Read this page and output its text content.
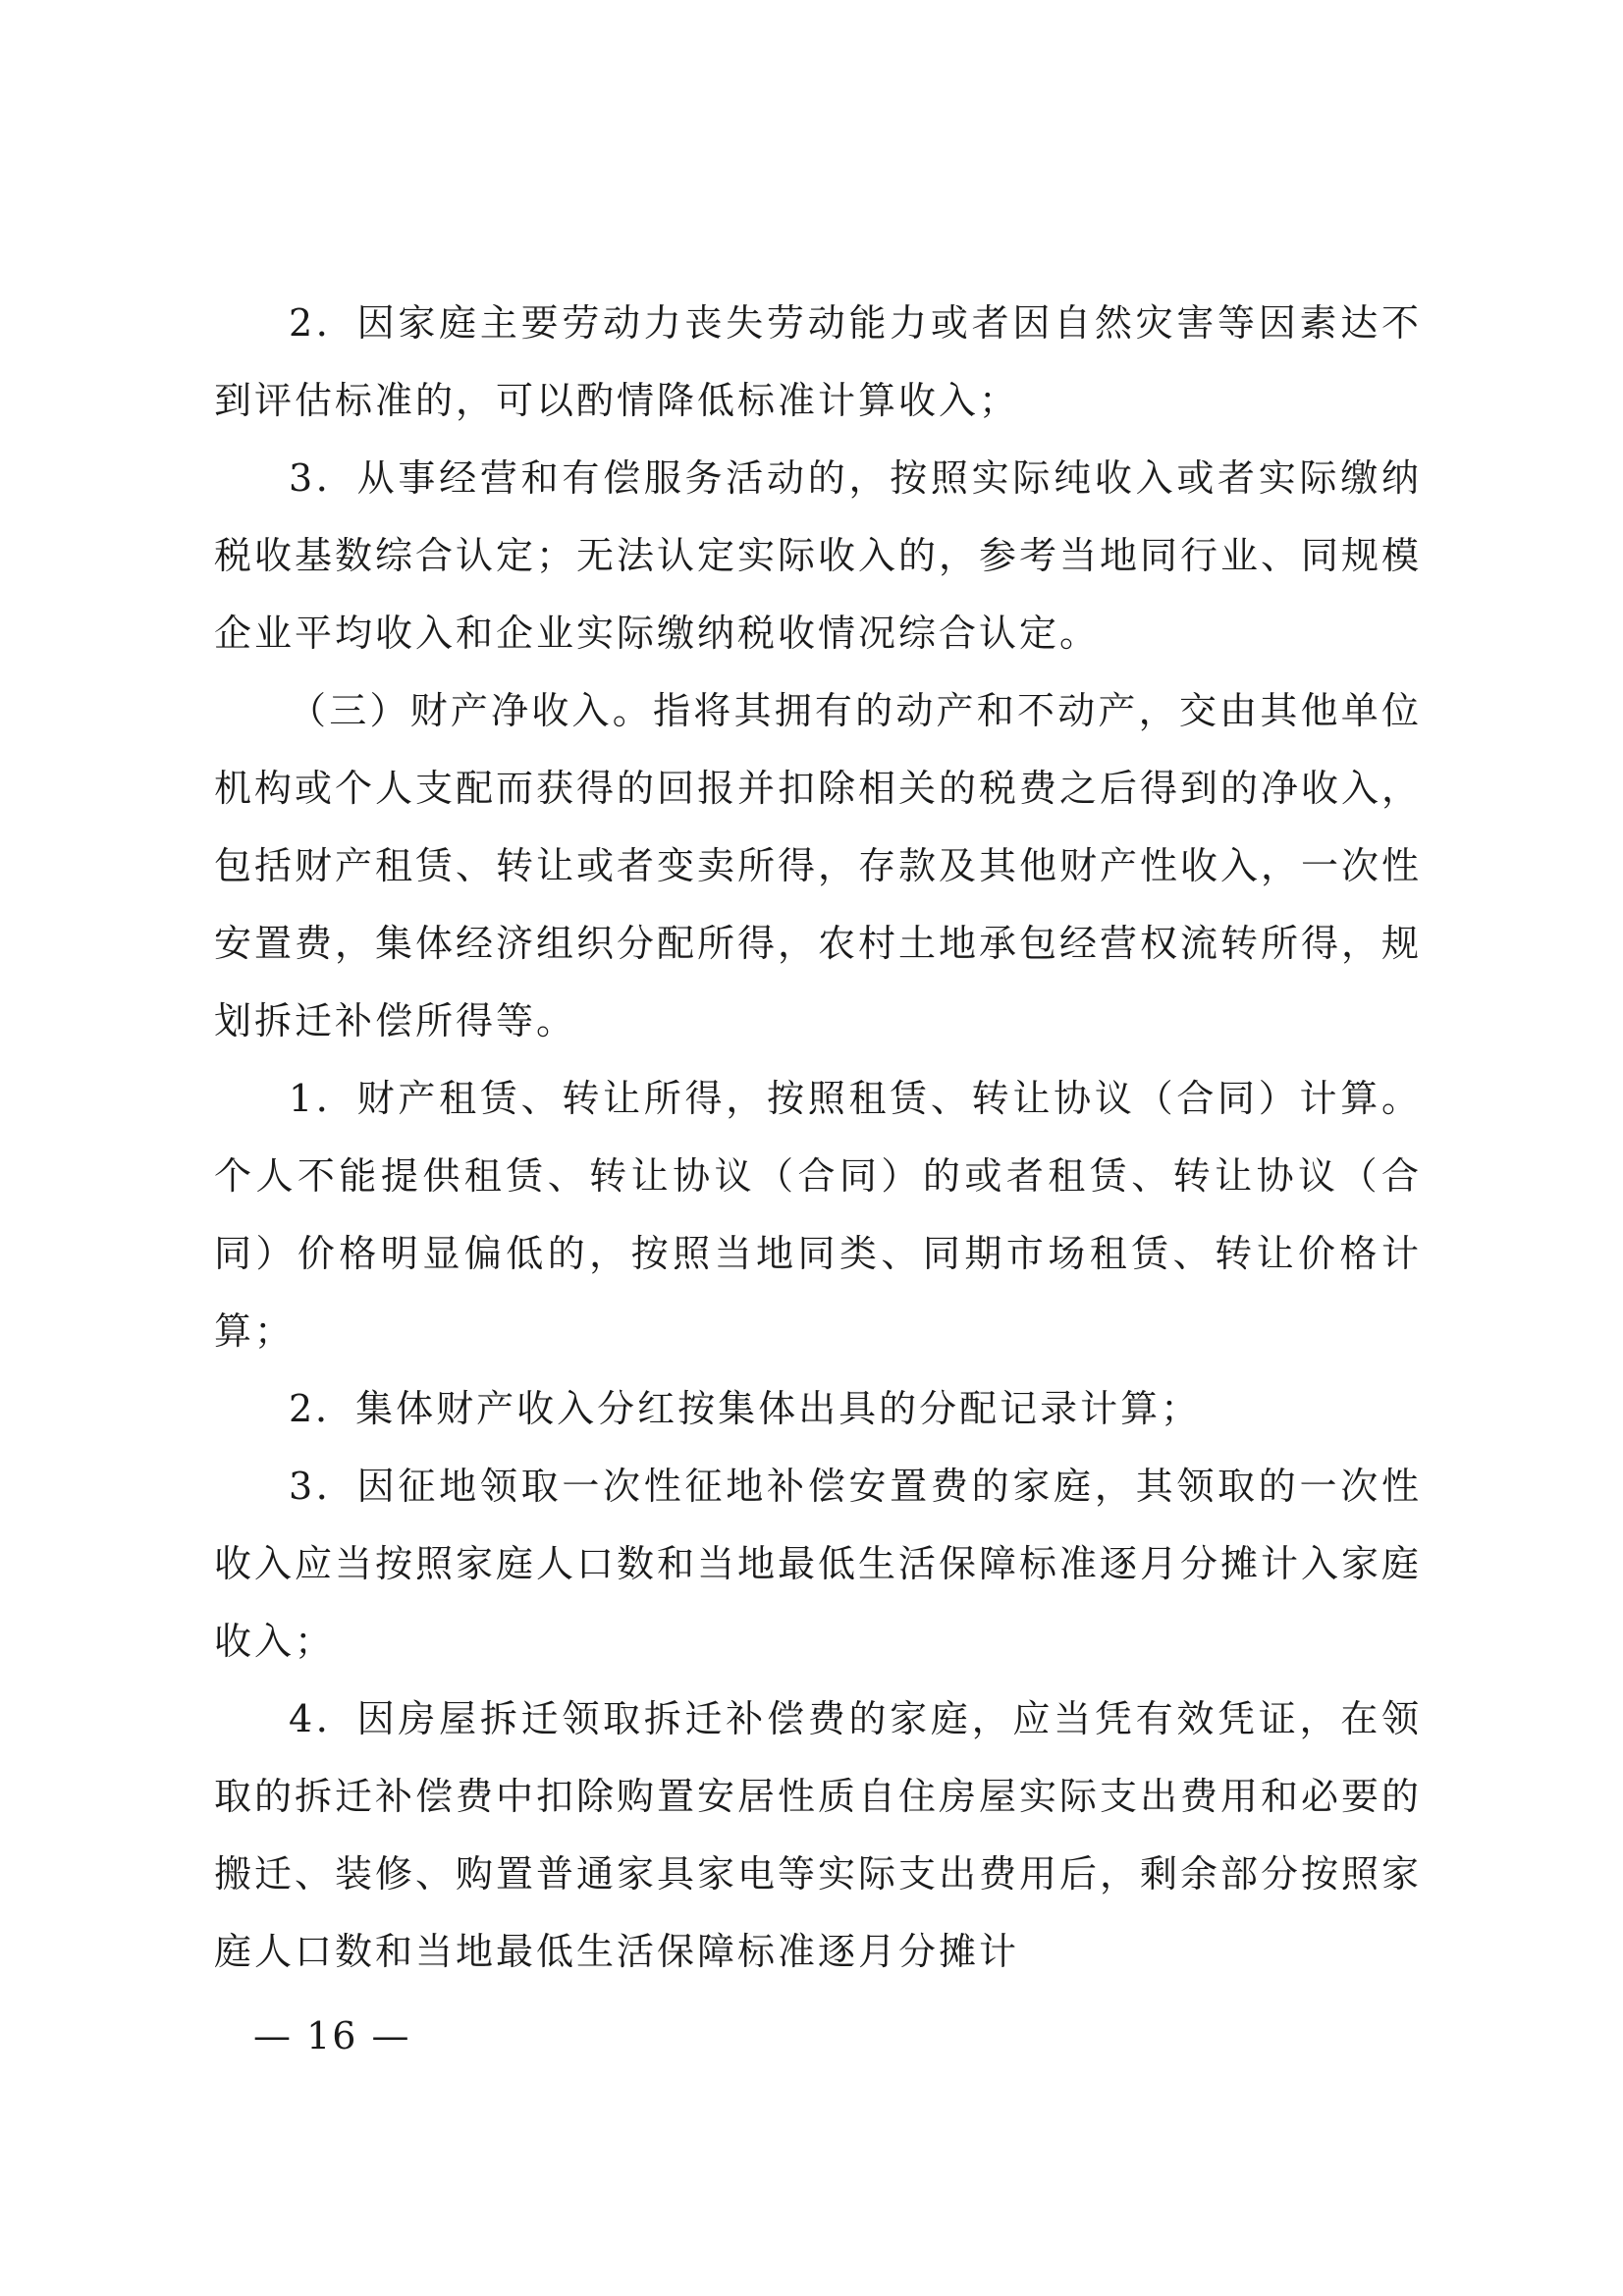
2．因家庭主要劳动力丧失劳动能力或者因自然灾害等因素达不到评估标准的，可以酌情降低标准计算收入；

3．从事经营和有偿服务活动的，按照实际纯收入或者实际缴纳税收基数综合认定；无法认定实际收入的，参考当地同行业、同规模企业平均收入和企业实际缴纳税收情况综合认定。

（三）财产净收入。指将其拥有的动产和不动产，交由其他单位机构或个人支配而获得的回报并扣除相关的税费之后得到的净收入，包括财产租赁、转让或者变卖所得，存款及其他财产性收入，一次性安置费，集体经济组织分配所得，农村土地承包经营权流转所得，规划拆迁补偿所得等。

1．财产租赁、转让所得，按照租赁、转让协议（合同）计算。个人不能提供租赁、转让协议（合同）的或者租赁、转让协议（合同）价格明显偏低的，按照当地同类、同期市场租赁、转让价格计算；

2．集体财产收入分红按集体出具的分配记录计算；

3．因征地领取一次性征地补偿安置费的家庭，其领取的一次性收入应当按照家庭人口数和当地最低生活保障标准逐月分摊计入家庭收入；

4．因房屋拆迁领取拆迁补偿费的家庭，应当凭有效凭证，在领取的拆迁补偿费中扣除购置安居性质自住房屋实际支出费用和必要的搬迁、装修、购置普通家具家电等实际支出费用后，剩余部分按照家庭人口数和当地最低生活保障标准逐月分摊计

— 16 —
